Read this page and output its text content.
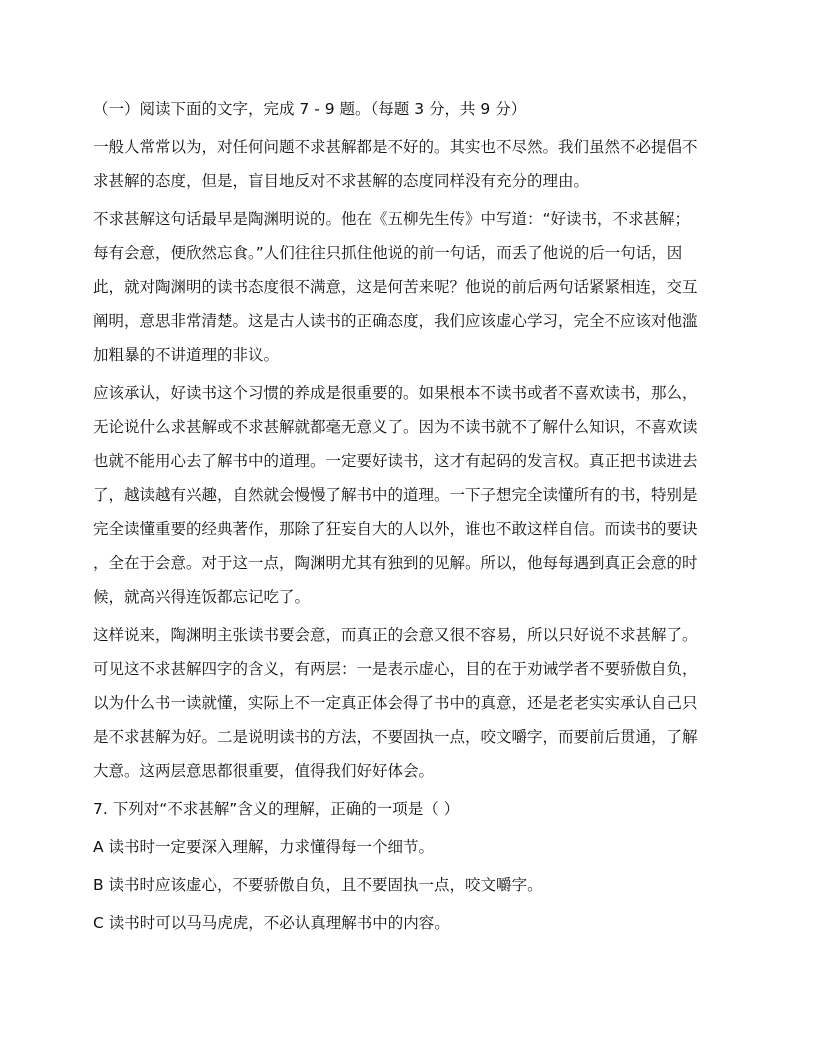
（一）阅读下面的文字，完成 7 - 9 题。（每题 3 分，共 9 分）

一般人常常以为，对任何问题不求甚解都是不好的。其实也不尽然。我们虽然不必提倡不
求甚解的态度，但是，盲目地反对不求甚解的态度同样没有充分的理由。

不求甚解这句话最早是陶渊明说的。他在《五柳先生传》中写道：“好读书，不求甚解；
每有会意，便欣然忘食。”人们往往只抓住他说的前一句话，而丢了他说的后一句话，因
此，就对陶渊明的读书态度很不满意，这是何苦来呢？他说的前后两句话紧紧相连，交互
阐明，意思非常清楚。这是古人读书的正确态度，我们应该虚心学习，完全不应该对他滥
加粗暴的不讲道理的非议。

应该承认，好读书这个习惯的养成是很重要的。如果根本不读书或者不喜欢读书，那么，
无论说什么求甚解或不求甚解就都毫无意义了。因为不读书就不了解什么知识，不喜欢读
也就不能用心去了解书中的道理。一定要好读书，这才有起码的发言权。真正把书读进去
了，越读越有兴趣，自然就会慢慢了解书中的道理。一下子想完全读懂所有的书，特别是
完全读懂重要的经典著作，那除了狂妄自大的人以外，谁也不敢这样自信。而读书的要诀
，全在于会意。对于这一点，陶渊明尤其有独到的见解。所以，他每每遇到真正会意的时
候，就高兴得连饭都忘记吃了。

这样说来，陶渊明主张读书要会意，而真正的会意又很不容易，所以只好说不求甚解了。
可见这不求甚解四字的含义，有两层：一是表示虚心，目的在于劝诫学者不要骄傲自负，
以为什么书一读就懂，实际上不一定真正体会得了书中的真意，还是老老实实承认自己只
是不求甚解为好。二是说明读书的方法，不要固执一点，咬文嚼字，而要前后贯通，了解
大意。这两层意思都很重要，值得我们好好体会。

7. 下列对“不求甚解”含义的理解，正确的一项是（ ）

A 读书时一定要深入理解，力求懂得每一个细节。

B 读书时应该虚心，不要骄傲自负，且不要固执一点，咬文嚼字。

C 读书时可以马马虎虎，不必认真理解书中的内容。
